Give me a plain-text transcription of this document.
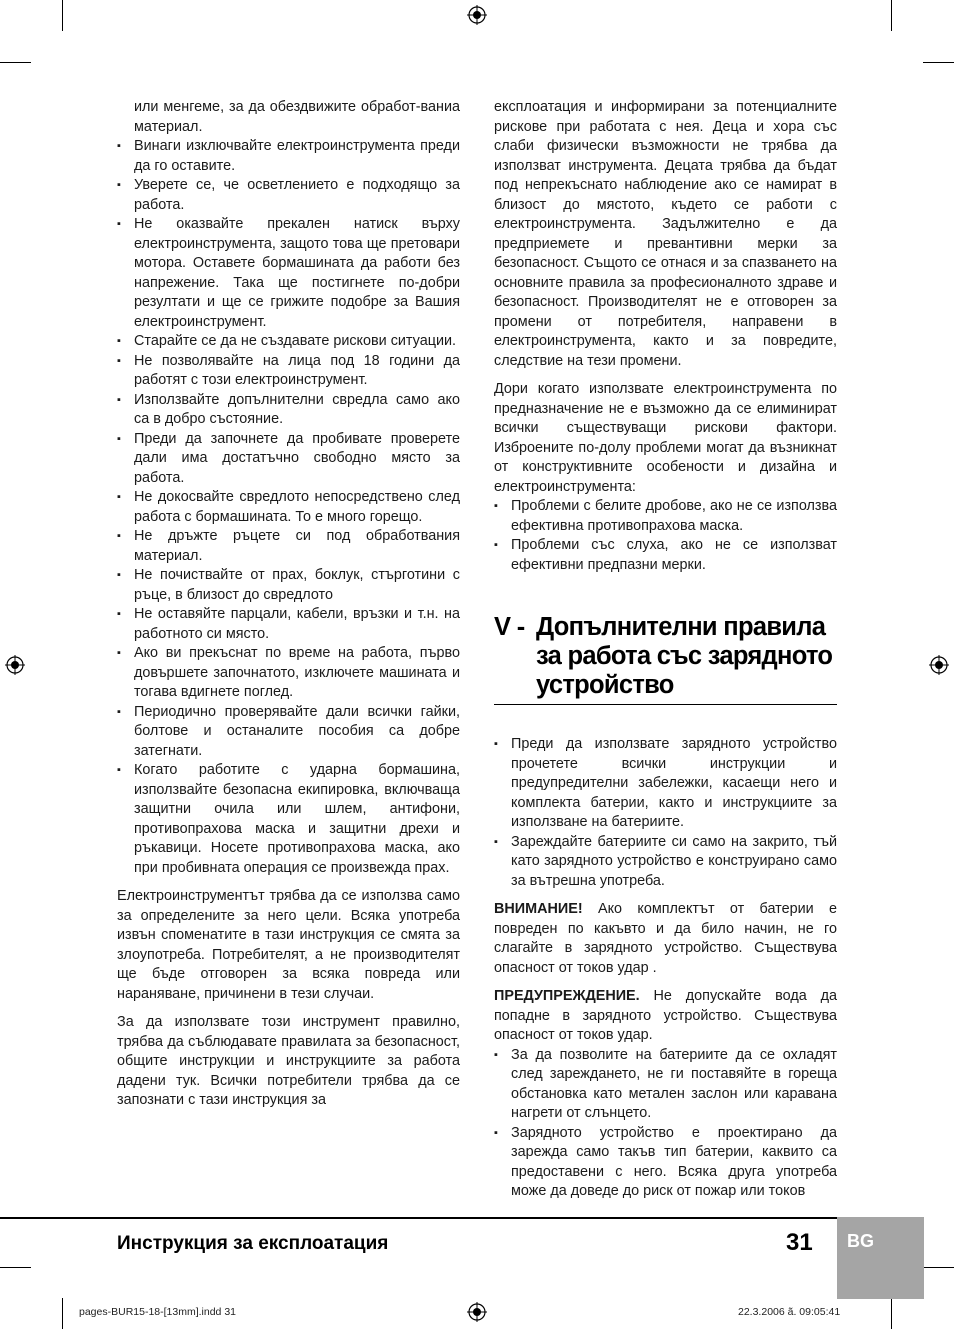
или менгеме, за да обездвижите обработ-ваниа материал.

▪ Винаги изключвайте електроинструмента преди да го оставите.
▪ Уверете се, че осветлението е подходящо за работа.
▪ Не оказвайте прекален натиск върху електроинструмента, защото това ще претовари мотора. Оставете бормашината да работи без напрежение. Така ще постигнете по-добри резултати и ще се грижите подобре за Вашия електроинструмент.
▪ Старайте се да не създавате рискови ситуации.
▪ Не позволявайте на лица под 18 години да работят с този електроинструмент.
▪ Използвайте допълнителни свредла само ако са в добро състояние.
▪ Преди да започнете да пробивате проверете дали има достатъчно свободно място за работа.
▪ Не докосвайте свредлото непосредствено след работа с бормашината. То е много горещо.
▪ Не дръжте ръцете си под обработвания материал.
▪ Не почиствайте от прах, боклук, стърготини с ръце, в близост до свредлото
▪ Не оставяйте парцали, кабели, връзки и т.н. на работното си място.
▪ Ако ви прекъснат по време на работа, първо довършете започнатото, изключете машината и тогава вдигнете поглед.
▪ Периодично проверявайте дали всички гайки, болтове и останалите пособия са добре затегнати.
▪ Когато работите с ударна бормашина, използвайте безопасна екипировка, включваща защитни очила или шлем, антифони, противопрахова маска и защитни дрехи и ръкавици. Носете противопрахова маска, ако при пробивната операция се произвежда прах.

Електроинструментът трябва да се използва само за определените за него цели. Всяка употреба извън споменатите в тази инструкция се смята за злоупотреба. Потребителят, а не производителят ще бъде отговорен за всяка повреда или нараняване, причинени в тези случаи.

За да използвате този инструмент правилно, трябва да съблюдавате правилата за безопасност, общите инструкции и инструкциите за работа дадени тук. Всички потребители трябва да се запознати с тази инструкция за

експлоатация и информирани за потенциалните рискове при работата с нея. Деца и хора със слаби физически възможности не трябва да използват инструмента. Децата трябва да бъдат под непрекъснато наблюдение ако се намират в близост до мястото, където се работи с електроинструмента. Задължително е да предприемете и превантивни мерки за безопасност. Същото се отнася и за спазването на основните правила за професионалното здраве и безопасност. Производителят не е отговорен за промени от потребителя, направени в електроинструмента, както и за повредите, следствие на тези промени.

Дори когато използвате електроинструмента по предназначение не е възможно да се елиминират всички съществуващи рискови фактори. Изброените по-долу проблеми могат да възникнат от конструктивните особености и дизайна и електроинструмента:

▪ Проблеми с белите дробове, ако не се използва ефективна противопрахова маска.
▪ Проблеми със слуха, ако не се използват ефективни предпазни мерки.
V - Допълнителни правила за работа със зарядното устройство
▪ Преди да използвате зарядното устройство прочетете всички инструкции и предупредителни забележки, касаещи него и комплекта батерии, както и инструкциите за използване на батериите.
▪ Зареждайте батериите си само на закрито, тъй като зарядното устройство е конструирано само за вътрешна употреба.

ВНИМАНИЕ! Ако комплектът от батерии е повреден по какъвто и да било начин, не го слагайте в зарядното устройство. Съществува опасност от токов удар .

ПРЕДУПРЕЖДЕНИЕ. Не допускайте вода да попадне в зарядното устройство. Съществува опасност от токов удар.

▪ За да позволите на батериите да се охладят след зареждането, не ги поставяйте в гореща обстановка като метален заслон или каравана нагрети от слънцето.
▪ Зарядното устройство е проектирано да зарежда само такъв тип батерии, каквито са предоставени с него. Всяка друга употреба може да доведе до риск от пожар или токов
Инструкция за експлоатация	31 BG
pages-BUR15-18-[13mm].indd 31	22.3.2006 ã. 09:05:41
